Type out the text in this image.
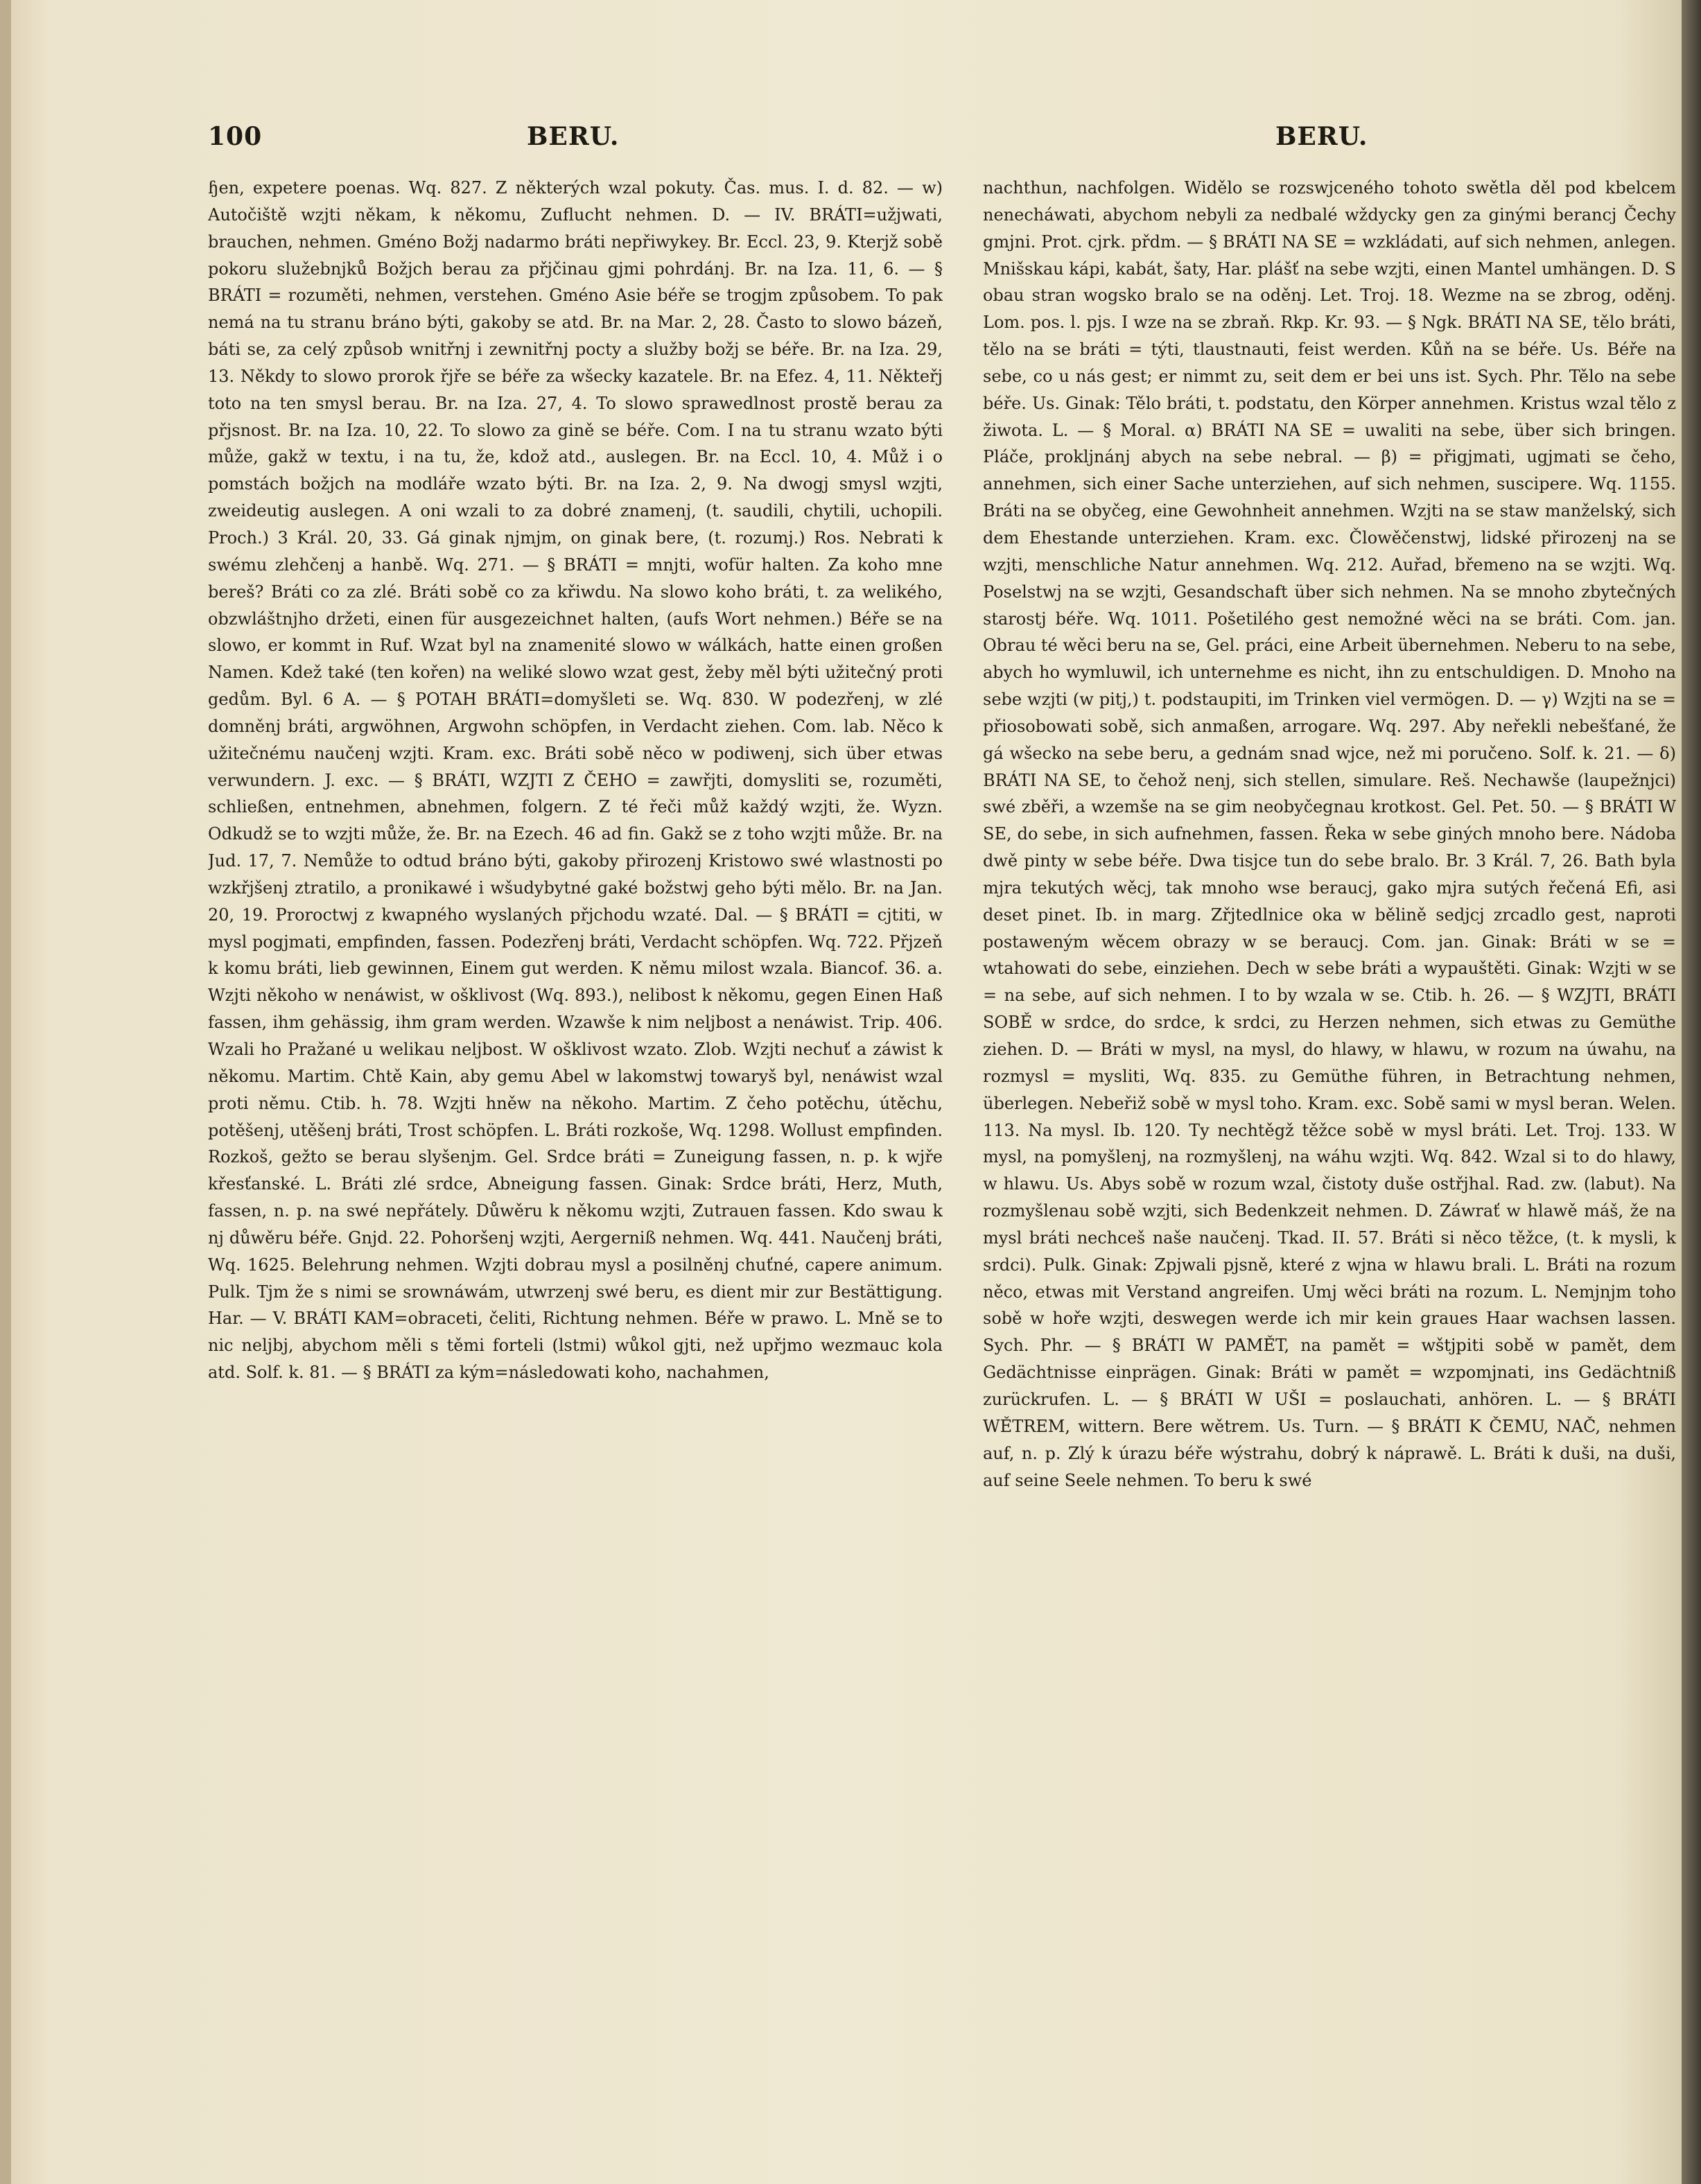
100	BERU.	BERU.

ɧen, expetere poenas. Wq. 827. Z některých wzal pokuty. Čas. mus. I. d. 82. — w) Autočiště wzjti někam, k někomu, Zuflucht nehmen. D. — IV. BRÁTI=užjwati, brauchen, nehmen. Gméno Božj nadarmo bráti nepřiwykey. Br. Eccl. 23, 9. Kterjž sobě pokoru služebnjků Božjch berau za přjčinau gjmi pohrdánj. Br. na Iza. 11, 6. — § BRÁTI = rozuměti, nehmen, verstehen. Gméno Asie béře se trogjm způsobem. To pak nemá na tu stranu bráno býti, gakoby se atd. Br. na Mar. 2, 28. Často to slowo bázeň, báti se, za celý způsob wnitřnj i zewnitřnj pocty a služby božj se béře. Br. na Iza. 29, 13. Někdy to slowo prorok řjře se béře za wšecky kazatele. Br. na Efez. 4, 11. Někteřj toto na ten smysl berau. Br. na Iza. 27, 4. To slowo sprawedlnost prostě berau za přjsnost. Br. na Iza. 10, 22. To slowo za gině se béře. Com. I na tu stranu wzato býti může, gakž w textu, i na tu, že, kdož atd., auslegen. Br. na Eccl. 10, 4. Můž i o pomstách božjch na modláře wzato býti. Br. na Iza. 2, 9. Na dwogj smysl wzjti, zweideutig auslegen. A oni wzali to za dobré znamenj, (t. saudili, chytili, uchopili. Proch.) 3 Král. 20, 33. Gá ginak njmjm, on ginak bere, (t. rozumj.) Ros. Nebrati k swému zlehčenj a hanbě. Wq. 271. — § BRÁTI = mnjti, wofür halten. Za koho mne bereš? Bráti co za zlé. Bráti sobě co za křiwdu. Na slowo koho bráti, t. za welikého, obzwláštnjho držeti, einen für ausgezeichnet halten, (aufs Wort nehmen.) Béře se na slowo, er kommt in Ruf. Wzat byl na znamenité slowo w wálkách, hatte einen großen Namen. Kdež také (ten kořen) na weliké slowo wzat gest, žeby měl býti užitečný proti gedům. Byl. 6 A. — § POTAH BRÁTI=domyšleti se. Wq. 830. W podezřenj, w zlé domněnj bráti, argwöhnen, Argwohn schöpfen, in Verdacht ziehen. Com. lab. Něco k užitečnému naučenj wzjti. Kram. exc. Bráti sobě něco w podiwenj, sich über etwas verwundern. J. exc. — § BRÁTI, WZJTI Z ČEHO = zawřjti, domysliti se, rozuměti, schließen, entnehmen, abnehmen, folgern. Z té řeči můž každý wzjti, že. Wyzn. Odkudž se to wzjti může, že. Br. na Ezech. 46 ad fin. Gakž se z toho wzjti může. Br. na Jud. 17, 7. Nemůže to odtud bráno býti, gakoby přirozenj Kristowo swé wlastnosti po wzkřjšenj ztratilo, a pronikawé i wšudybytné gaké božstwj geho býti mělo. Br. na Jan. 20, 19. Proroctwj z kwapného wyslaných přjchodu wzaté. Dal. — § BRÁTI = cjtiti, w mysl pogjmati, empfinden, fassen. Podezřenj bráti, Verdacht schöpfen. Wq. 722. Přjzeň k komu bráti, lieb gewinnen, Einem gut werden. K němu milost wzala. Biancof. 36. a. Wzjti někoho w nenáwist, w ošklivost (Wq. 893.), nelibost k někomu, gegen Einen Haß fassen, ihm gehässig, ihm gram werden. Wzawše k nim neljbost a nenáwist. Trip. 406. Wzali ho Pražané u welikau neljbost. W ošklivost wzato. Zlob. Wzjti nechuť a záwist k někomu. Martim. Chtě Kain, aby gemu Abel w lakomstwj towaryš byl, nenáwist wzal proti němu. Ctib. h. 78. Wzjti hněw na někoho. Martim. Z čeho potěchu, útěchu, potěšenj, utěšenj bráti, Trost schöpfen. L. Bráti rozkoše, Wq. 1298. Wollust empfinden. Rozkoš, gežto se berau slyšenjm. Gel. Srdce bráti = Zuneigung fassen, n. p. k wjře křesťanské. L. Bráti zlé srdce, Abneigung fassen. Ginak: Srdce bráti, Herz, Muth, fassen, n. p. na swé nepřátely. Důwěru k někomu wzjti, Zutrauen fassen. Kdo swau k nj důwěru béře. Gnjd. 22. Pohoršenj wzjti, Aergerniß nehmen. Wq. 441. Naučenj bráti, Wq. 1625. Belehrung nehmen. Wzjti dobrau mysl a posilněnj chuťné, capere animum. Pulk. Tjm že s nimi se srownáwám, utwrzenj swé beru, es dient mir zur Bestättigung. Har. — V. BRÁTI KAM=obraceti, čeliti, Richtung nehmen. Béře w prawo. L. Mně se to nic neljbj, abychom měli s těmi forteli (lstmi) wůkol gjti, než upřjmo wezmauc kola atd. Solf. k. 81. — § BRÁTI za kým=následowati koho, nachahmen,

nachthun, nachfolgen. Widělo se rozswjceného tohoto swětla děl pod kbelcem nenecháwati, abychom nebyli za nedbalé wždycky gen za ginými berancj Čechy gmjni. Prot. cjrk. přdm. — § BRÁTI NA SE = wzkládati, auf sich nehmen, anlegen. Mnišskau kápi, kabát, šaty, Har. plášť na sebe wzjti, einen Mantel umhängen. D. S obau stran wogsko bralo se na oděnj. Let. Troj. 18. Wezme na se zbrog, oděnj. Lom. pos. l. pjs. I wze na se zbraň. Rkp. Kr. 93. — § Ngk. BRÁTI NA SE, tělo bráti, tělo na se bráti = týti, tlaustnauti, feist werden. Kůň na se béře. Us. Béře na sebe, co u nás gest; er nimmt zu, seit dem er bei uns ist. Sych. Phr. Tělo na sebe béře. Us. Ginak: Tělo bráti, t. podstatu, den Körper annehmen. Kristus wzal tělo z žiwota. L. — § Moral. α) BRÁTI NA SE = uwaliti na sebe, über sich bringen. Pláče, prokljnánj abych na sebe nebral. — β) = přigjmati, ugjmati se čeho, annehmen, sich einer Sache unterziehen, auf sich nehmen, suscipere. Wq. 1155. Bráti na se obyčeg, eine Gewohnheit annehmen. Wzjti na se staw manželský, sich dem Ehestande unterziehen. Kram. exc. Člowěčenstwj, lidské přirozenj na se wzjti, menschliche Natur annehmen. Wq. 212. Auřad, břemeno na se wzjti. Wq. Poselstwj na se wzjti, Gesandschaft über sich nehmen. Na se mnoho zbytečných starostj béře. Wq. 1011. Pošetilého gest nemožné wěci na se bráti. Com. jan. Obrau té wěci beru na se, Gel. práci, eine Arbeit übernehmen. Neberu to na sebe, abych ho wymluwil, ich unternehme es nicht, ihn zu entschuldigen. D. Mnoho na sebe wzjti (w pitj,) t. podstaupiti, im Trinken viel vermögen. D. — γ) Wzjti na se = přiosobowati sobě, sich anmaßen, arrogare. Wq. 297. Aby neřekli nebešťané, že gá wšecko na sebe beru, a gednám snad wjce, než mi poručeno. Solf. k. 21. — δ) BRÁTI NA SE, to čehož nenj, sich stellen, simulare. Reš. Nechawše (laupežnjci) swé zběři, a wzemše na se gim neobyčegnau krotkost. Gel. Pet. 50. — § BRÁTI W SE, do sebe, in sich aufnehmen, fassen. Řeka w sebe giných mnoho bere. Nádoba dwě pinty w sebe béře. Dwa tisjce tun do sebe bralo. Br. 3 Král. 7, 26. Bath byla mjra tekutých wěcj, tak mnoho wse beraucj, gako mjra sutých řečená Efi, asi deset pinet. Ib. in marg. Zřjtedlnice oka w bělině sedjcj zrcadlo gest, naproti postaweným wěcem obrazy w se beraucj. Com. jan. Ginak: Bráti w se = wtahowati do sebe, einziehen. Dech w sebe bráti a wypauštěti. Ginak: Wzjti w se = na sebe, auf sich nehmen. I to by wzala w se. Ctib. h. 26. — § WZJTI, BRÁTI SOBĚ w srdce, do srdce, k srdci, zu Herzen nehmen, sich etwas zu Gemüthe ziehen. D. — Bráti w mysl, na mysl, do hlawy, w hlawu, w rozum na úwahu, na rozmysl = mysliti, Wq. 835. zu Gemüthe führen, in Betrachtung nehmen, überlegen. Nebeřiž sobě w mysl toho. Kram. exc. Sobě sami w mysl beran. Welen. 113. Na mysl. Ib. 120. Ty nechtěgž těžce sobě w mysl bráti. Let. Troj. 133. W mysl, na pomyšlenj, na rozmyšlenj, na wáhu wzjti. Wq. 842. Wzal si to do hlawy, w hlawu. Us. Abys sobě w rozum wzal, čistoty duše ostřjhal. Rad. zw. (labut). Na rozmyšlenau sobě wzjti, sich Bedenkzeit nehmen. D. Záwrať w hlawě máš, že na mysl bráti nechceš naše naučenj. Tkad. II. 57. Bráti si něco těžce, (t. k mysli, k srdci). Pulk. Ginak: Zpjwali pjsně, které z wjna w hlawu brali. L. Bráti na rozum něco, etwas mit Verstand angreifen. Umj wěci bráti na rozum. L. Nemjnjm toho sobě w hoře wzjti, deswegen werde ich mir kein graues Haar wachsen lassen. Sych. Phr. — § BRÁTI W PAMĚT, na pamět = wštjpiti sobě w pamět, dem Gedächtnisse einprägen. Ginak: Bráti w pamět = wzpomjnati, ins Gedächtniß zurückrufen. L. — § BRÁTI W UŠI = poslauchati, anhören. L. — § BRÁTI WĚTREM, wittern. Bere wětrem. Us. Turn. — § BRÁTI K ČEMU, NAČ, nehmen auf, n. p. Zlý k úrazu béře wýstrahu, dobrý k náprawě. L. Bráti k duši, na duši, auf seine Seele nehmen. To beru k swé
